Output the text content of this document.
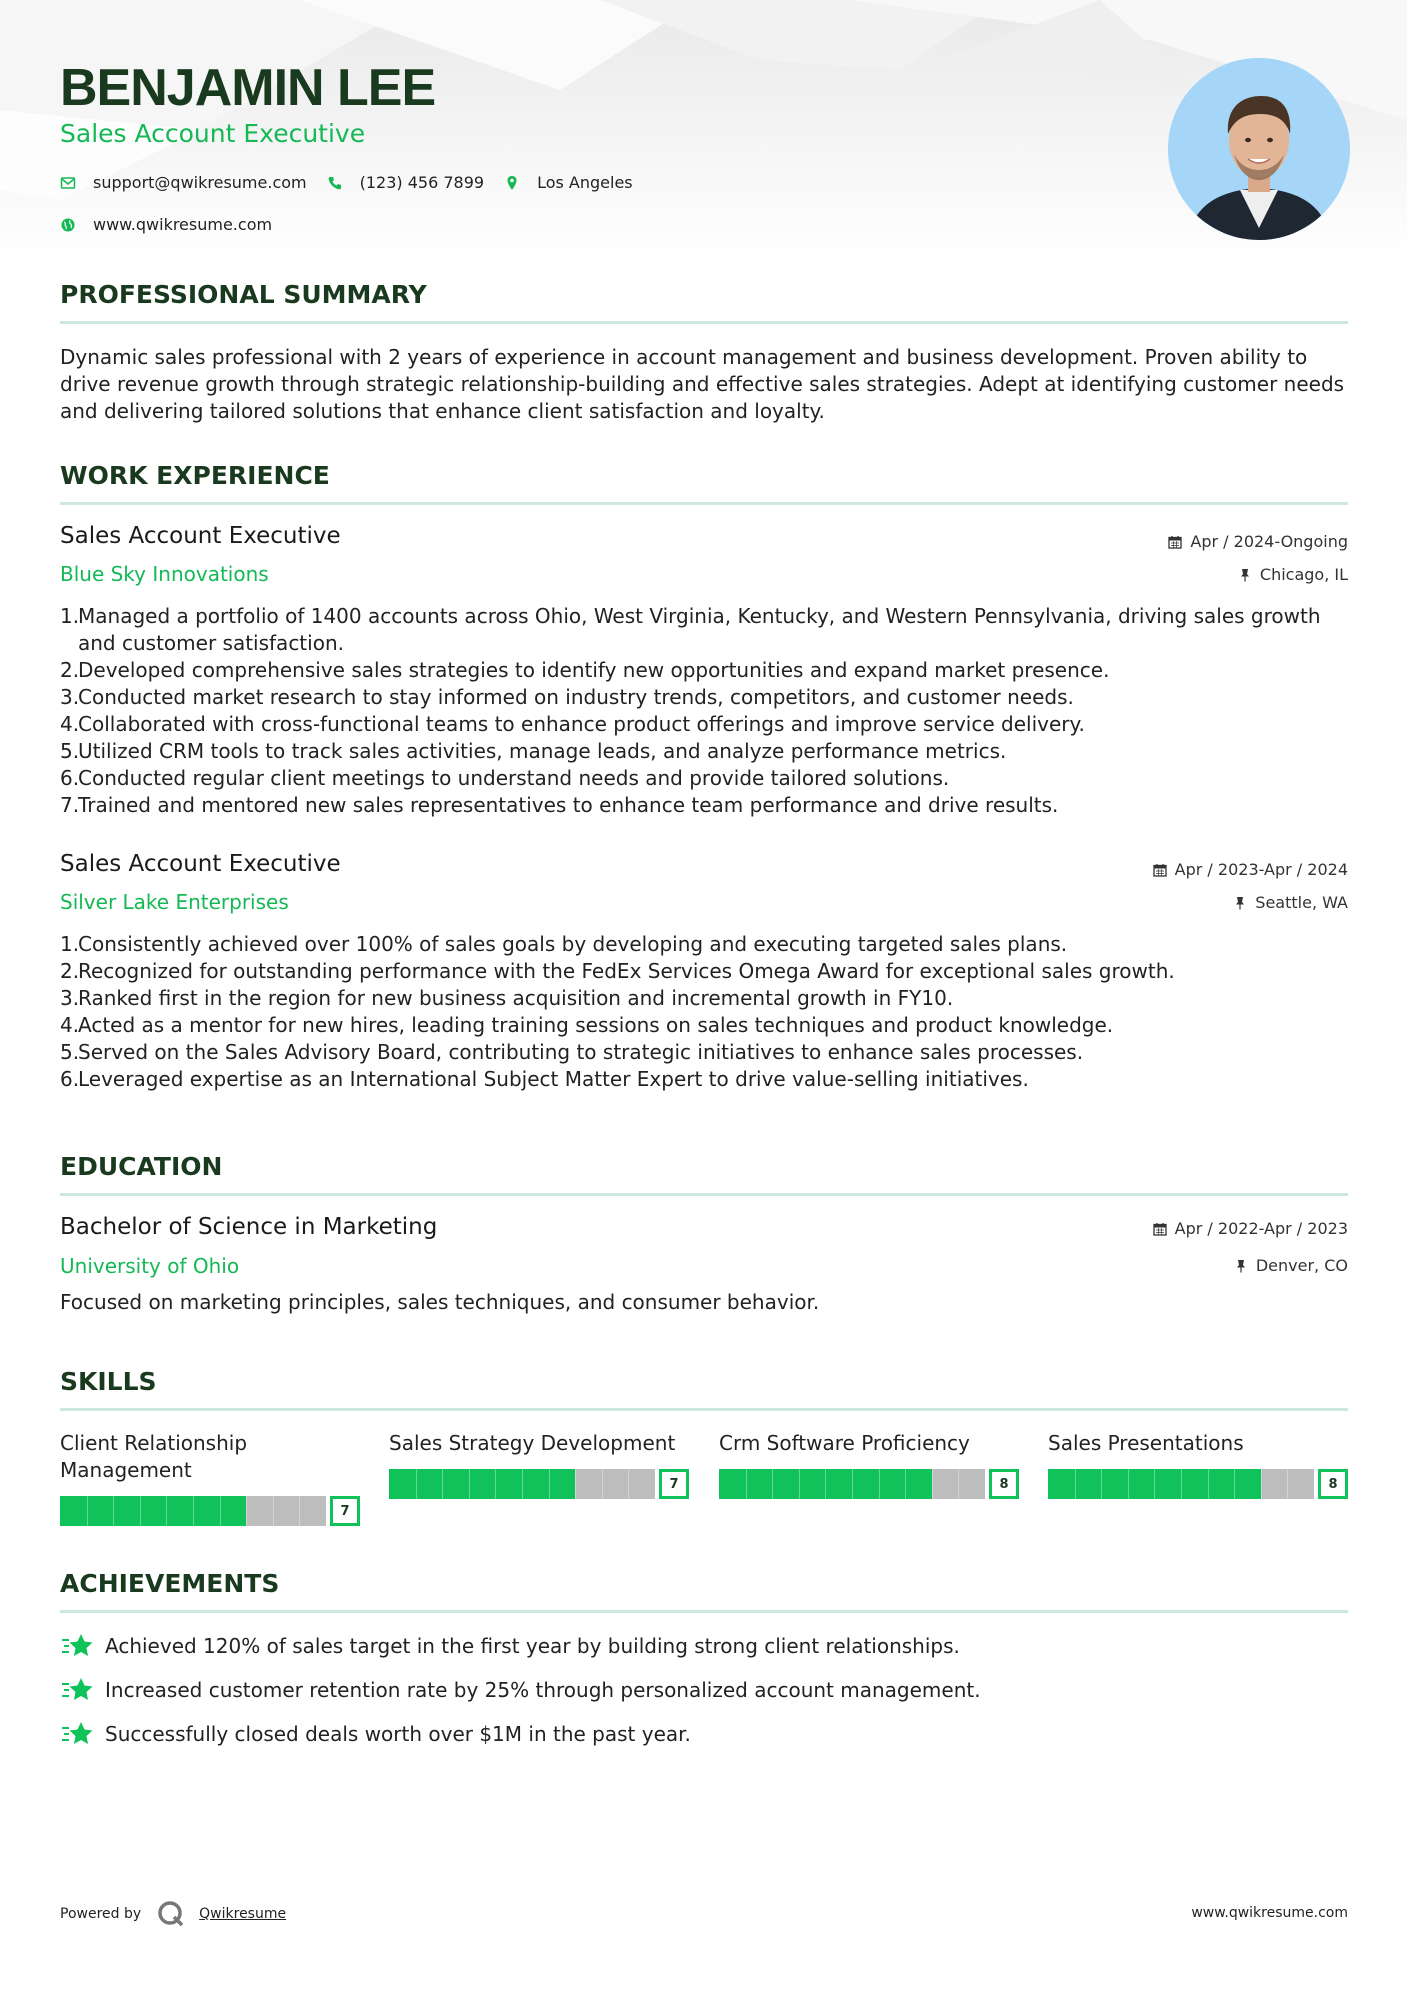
BENJAMIN LEE
Sales Account Executive
support@qwikresume.com	(123) 456 7899	Los Angeles
www.qwikresume.com
PROFESSIONAL SUMMARY
Dynamic sales professional with 2 years of experience in account management and business development. Proven ability to drive revenue growth through strategic relationship-building and effective sales strategies. Adept at identifying customer needs and delivering tailored solutions that enhance client satisfaction and loyalty.
WORK EXPERIENCE
Sales Account Executive
Blue Sky Innovations
Apr / 2024-Ongoing
Chicago, IL
1.
Managed a portfolio of 1400 accounts across Ohio, West Virginia, Kentucky, and Western Pennsylvania, driving sales growth and customer satisfaction.
2.
Developed comprehensive sales strategies to identify new opportunities and expand market presence.
3.
Conducted market research to stay informed on industry trends, competitors, and customer needs.
4.
Collaborated with cross-functional teams to enhance product offerings and improve service delivery.
5.
Utilized CRM tools to track sales activities, manage leads, and analyze performance metrics.
6.
Conducted regular client meetings to understand needs and provide tailored solutions.
7.
Trained and mentored new sales representatives to enhance team performance and drive results.
Sales Account Executive
Silver Lake Enterprises
Apr / 2023-Apr / 2024
Seattle, WA
1.
Consistently achieved over 100% of sales goals by developing and executing targeted sales plans.
2.
Recognized for outstanding performance with the FedEx Services Omega Award for exceptional sales growth.
3.
Ranked first in the region for new business acquisition and incremental growth in FY10.
4.
Acted as a mentor for new hires, leading training sessions on sales techniques and product knowledge.
5.
Served on the Sales Advisory Board, contributing to strategic initiatives to enhance sales processes.
6.
Leveraged expertise as an International Subject Matter Expert to drive value-selling initiatives.
EDUCATION
Bachelor of Science in Marketing
University of Ohio
Apr / 2022-Apr / 2023
Denver, CO
Focused on marketing principles, sales techniques, and consumer behavior.
SKILLS
Client Relationship Management
7
Sales Strategy Development
7
Crm Software Proficiency
8
Sales Presentations
8
ACHIEVEMENTS
Achieved 120% of sales target in the first year by building strong client relationships.
Increased customer retention rate by 25% through personalized account management.
Successfully closed deals worth over $1M in the past year.
Powered by	Qwikresume	www.qwikresume.com
